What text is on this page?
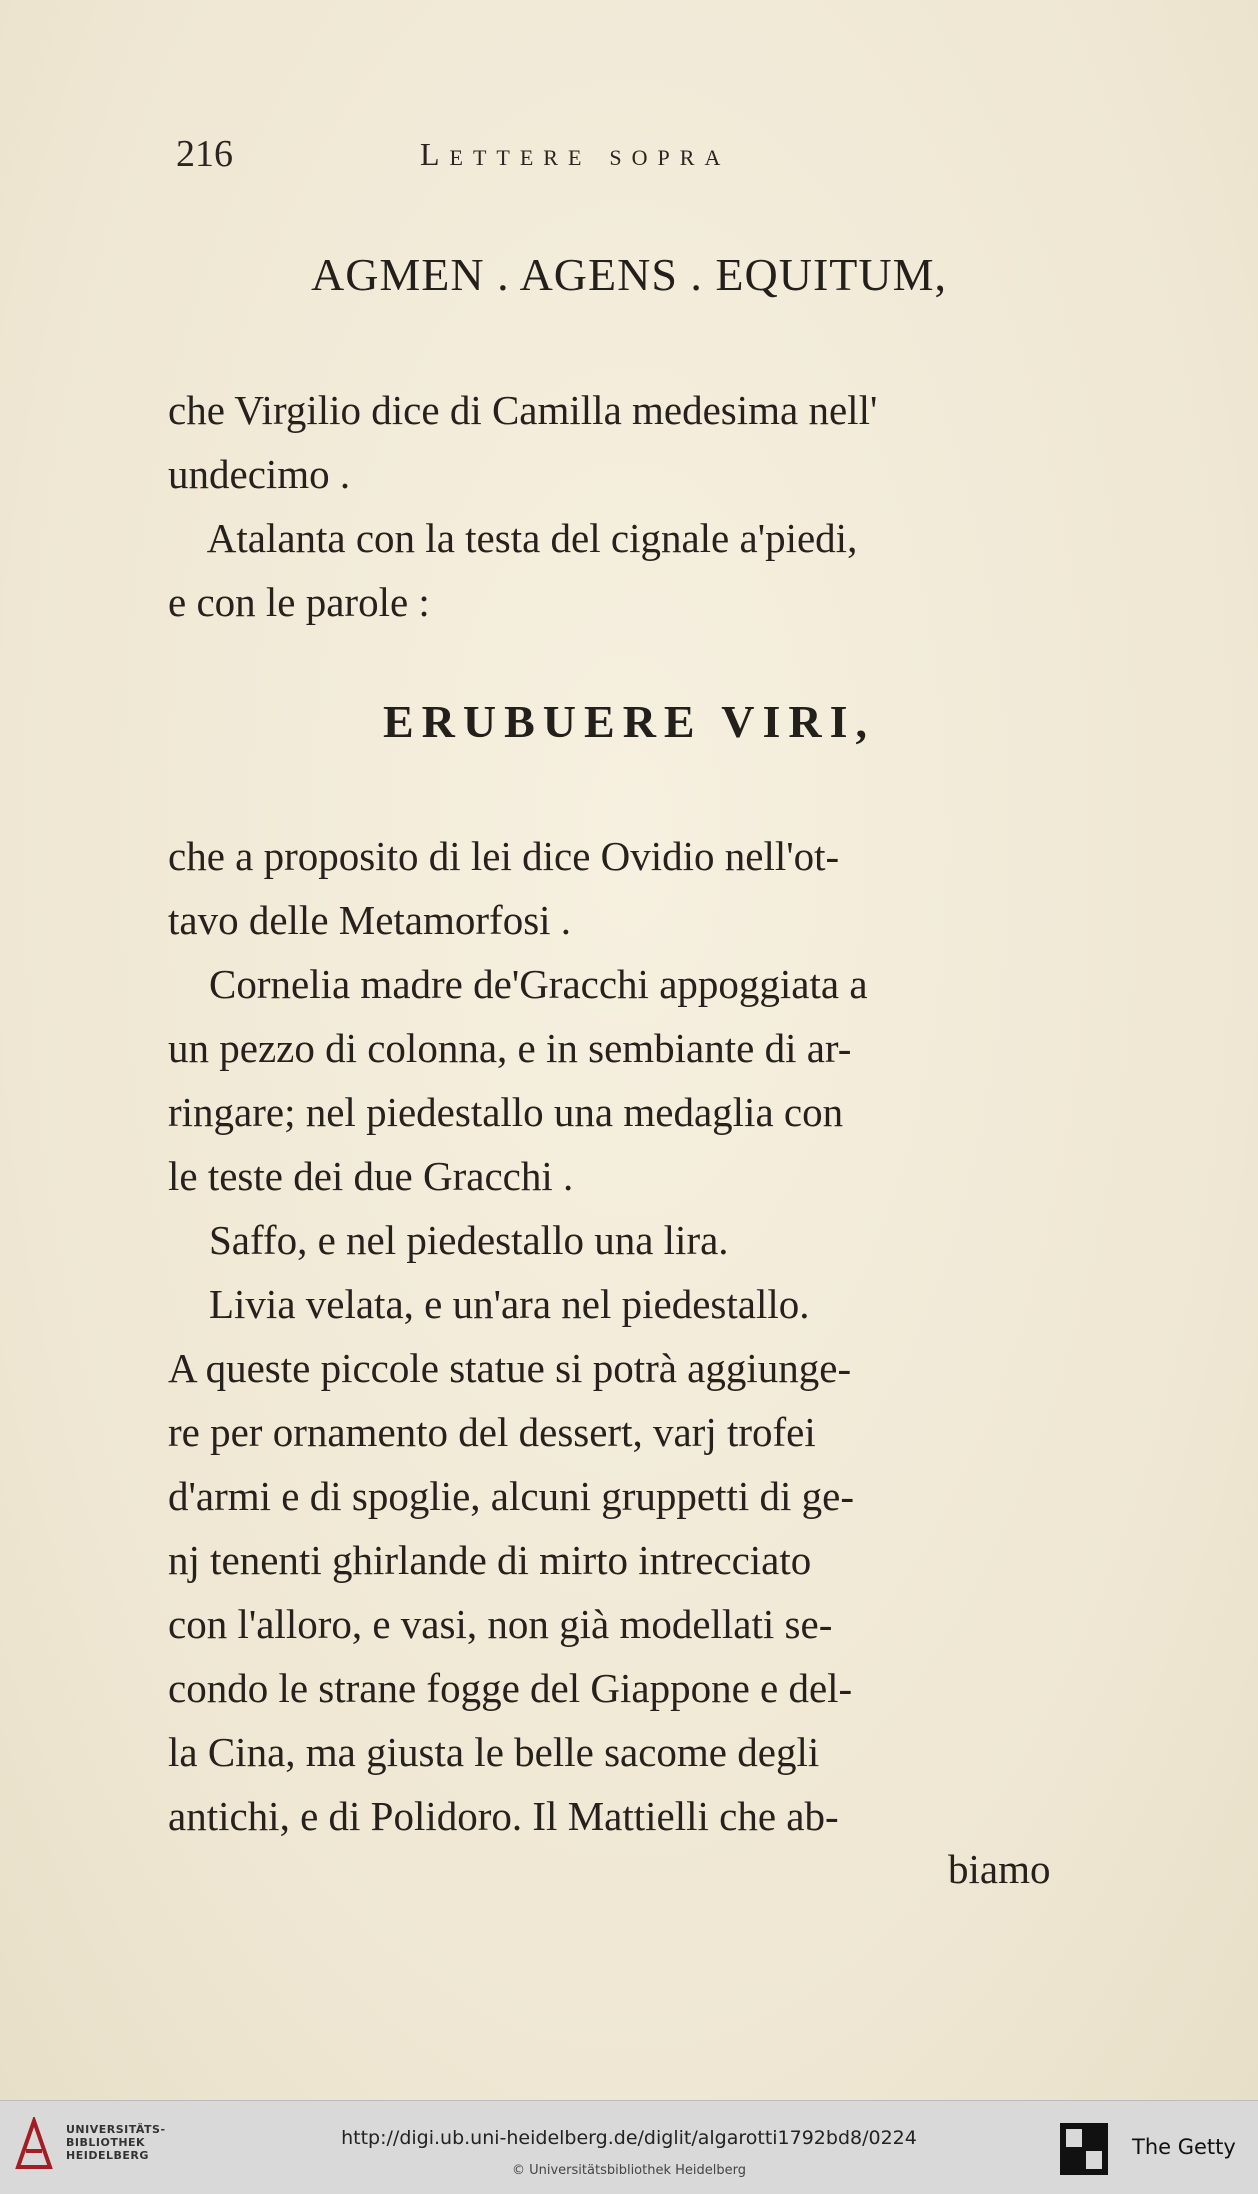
216	Lettere sopra
AGMEN . AGENS . EQUITUM,
che Virgilio dice di Camilla medesima nell'
undecimo .
Atalanta con la testa del cignale a'piedi,
e con le parole :
ERUBUERE VIRI,
che a proposito di lei dice Ovidio nell'ot-
tavo delle Metamorfosi .
Cornelia madre de'Gracchi appoggiata a
un pezzo di colonna, e in sembiante di ar-
ringare; nel piedestallo una medaglia con
le teste dei due Gracchi .
Saffo, e nel piedestallo una lira.
Livia velata, e un'ara nel piedestallo.
A queste piccole statue si potrà aggiunge-
re per ornamento del dessert, varj trofei
d'armi e di spoglie, alcuni gruppetti di ge-
nj tenenti ghirlande di mirto intrecciato
con l'alloro, e vasi, non già modellati se-
condo le strane fogge del Giappone e del-
la Cina, ma giusta le belle sacome degli
antichi, e di Polidoro. Il Mattielli che ab-
biamo
UNIVERSITÄTS-
BIBLIOTHEK
HEIDELBERG
http://digi.ub.uni-heidelberg.de/diglit/algarotti1792bd8/0224
© Universitätsbibliothek Heidelberg
The Getty
